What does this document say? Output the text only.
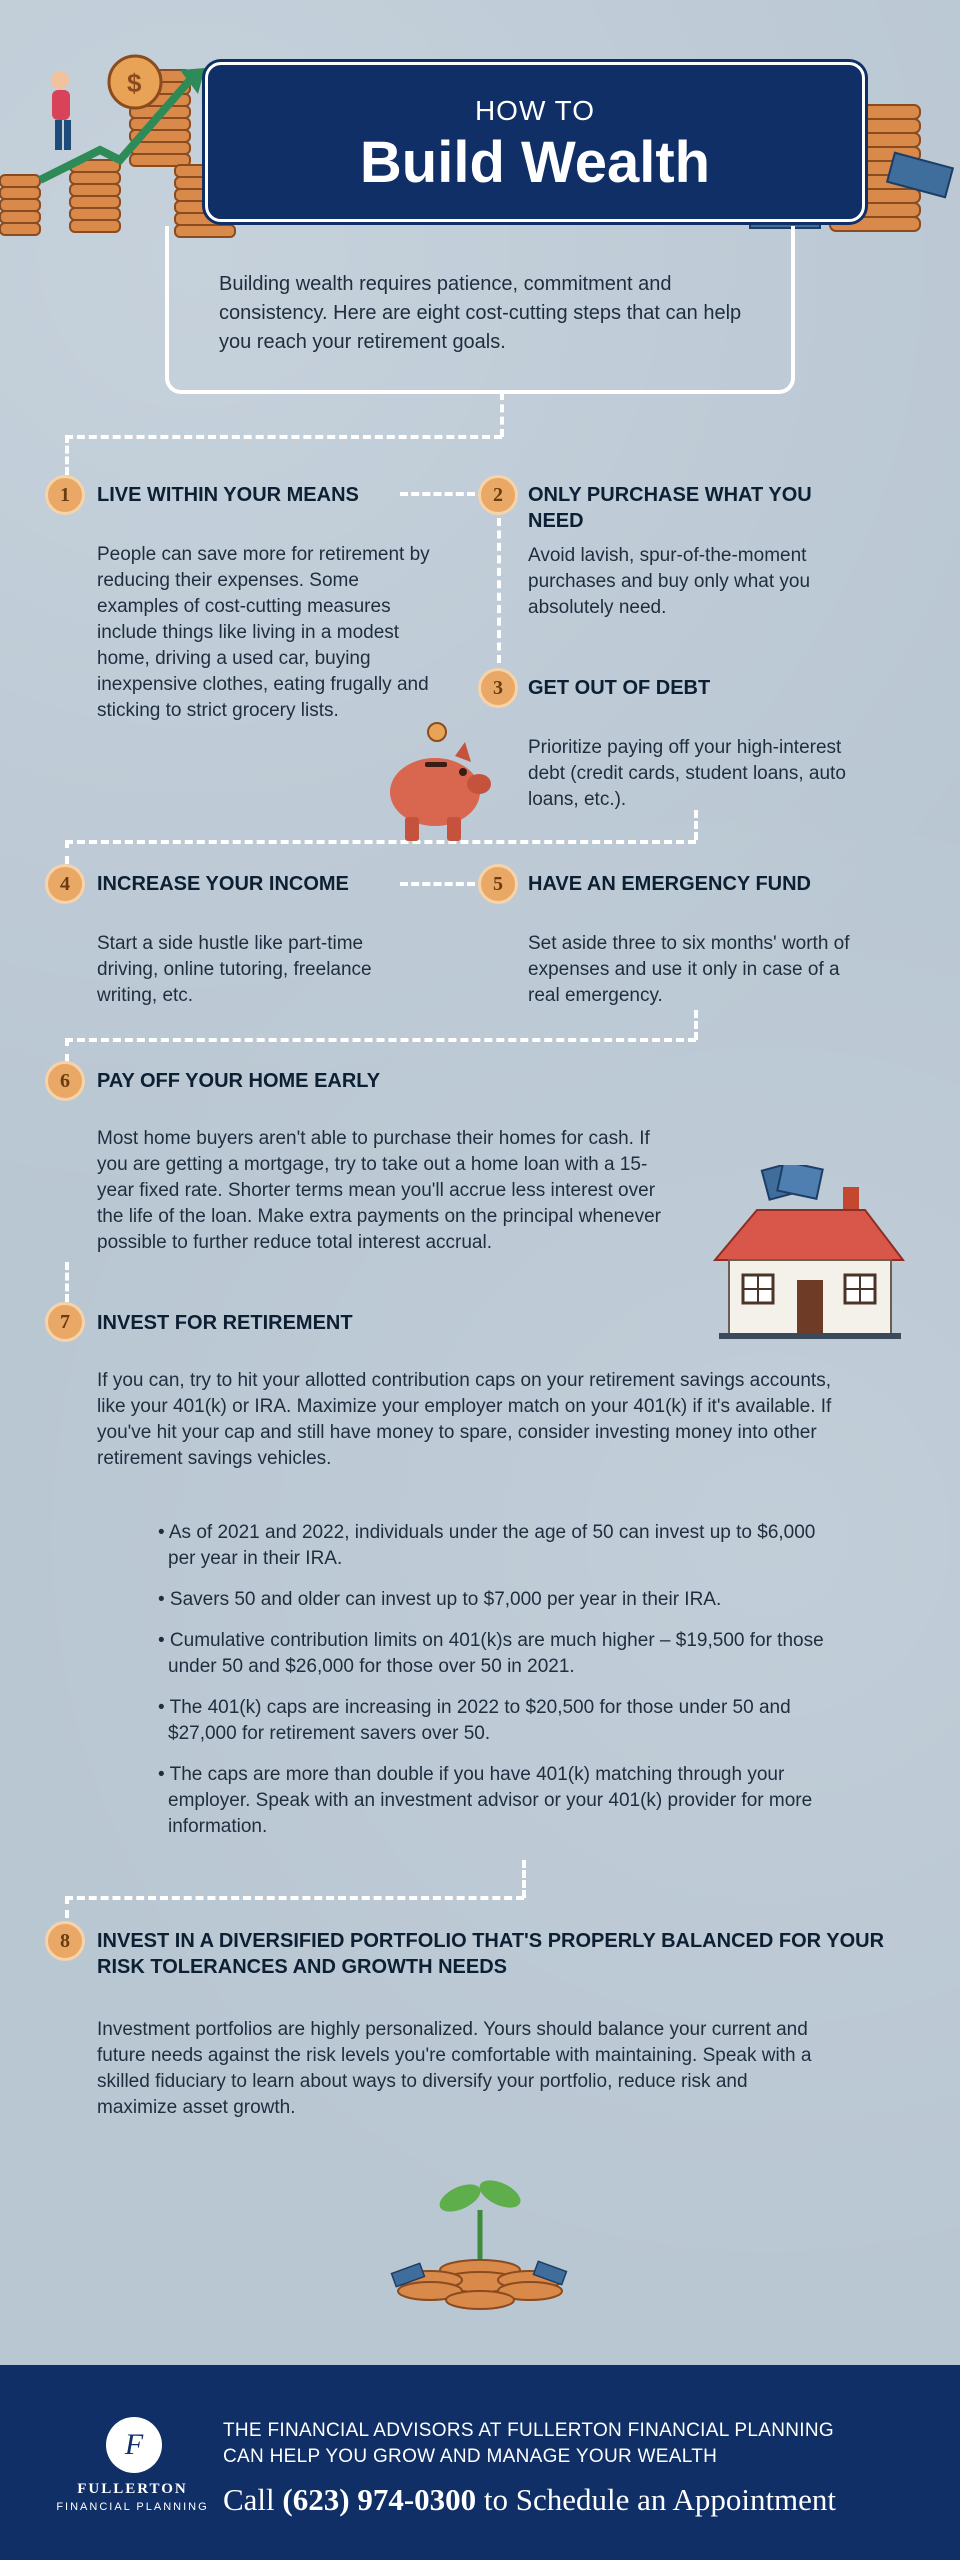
$
HOW TO
Build Wealth
Building wealth requires patience, commitment and consistency. Here are eight cost-cutting steps that can help you reach your retirement goals.
1	LIVE WITHIN YOUR MEANS
People can save more for retirement by reducing their expenses. Some examples of cost-cutting measures include things like living in a modest home, driving a used car, buying inexpensive clothes, eating frugally and sticking to strict grocery lists.
2	ONLY PURCHASE WHAT YOU NEED
Avoid lavish, spur-of-the-moment purchases and buy only what you absolutely need.
3	GET OUT OF DEBT
Prioritize paying off your high-interest debt (credit cards, student loans, auto loans, etc.).
4	INCREASE YOUR INCOME
Start a side hustle like part-time driving, online tutoring, freelance writing, etc.
5	HAVE AN EMERGENCY FUND
Set aside three to six months' worth of expenses and use it only in case of a real emergency.
6	PAY OFF YOUR HOME EARLY
Most home buyers aren't able to purchase their homes for cash. If you are getting a mortgage, try to take out a home loan with a 15-year fixed rate. Shorter terms mean you'll accrue less interest over the life of the loan. Make extra payments on the principal whenever possible to further reduce total interest accrual.
7	INVEST FOR RETIREMENT
If you can, try to hit your allotted contribution caps on your retirement savings accounts, like your 401(k) or IRA. Maximize your employer match on your 401(k) if it's available. If you've hit your cap and still have money to spare, consider investing money into other retirement savings vehicles.
• As of 2021 and 2022, individuals under the age of 50 can invest up to $6,000 per year in their IRA.
• Savers 50 and older can invest up to $7,000 per year in their IRA.
• Cumulative contribution limits on 401(k)s are much higher – $19,500 for those under 50 and $26,000 for those over 50 in 2021.
• The 401(k) caps are increasing in 2022 to $20,500 for those under 50 and $27,000 for retirement savers over 50.
• The caps are more than double if you have 401(k) matching through your employer. Speak with an investment advisor or your 401(k) provider for more information.
8	INVEST IN A DIVERSIFIED PORTFOLIO THAT'S PROPERLY BALANCED FOR YOUR RISK TOLERANCES AND GROWTH NEEDS
Investment portfolios are highly personalized. Yours should balance your current and future needs against the risk levels you're comfortable with maintaining. Speak with a skilled fiduciary to learn about ways to diversify your portfolio, reduce risk and maximize asset growth.
F
FULLERTON
FINANCIAL PLANNING
THE FINANCIAL ADVISORS AT FULLERTON FINANCIAL PLANNING
CAN HELP YOU GROW AND MANAGE YOUR WEALTH
Call (623) 974-0300 to Schedule an Appointment
